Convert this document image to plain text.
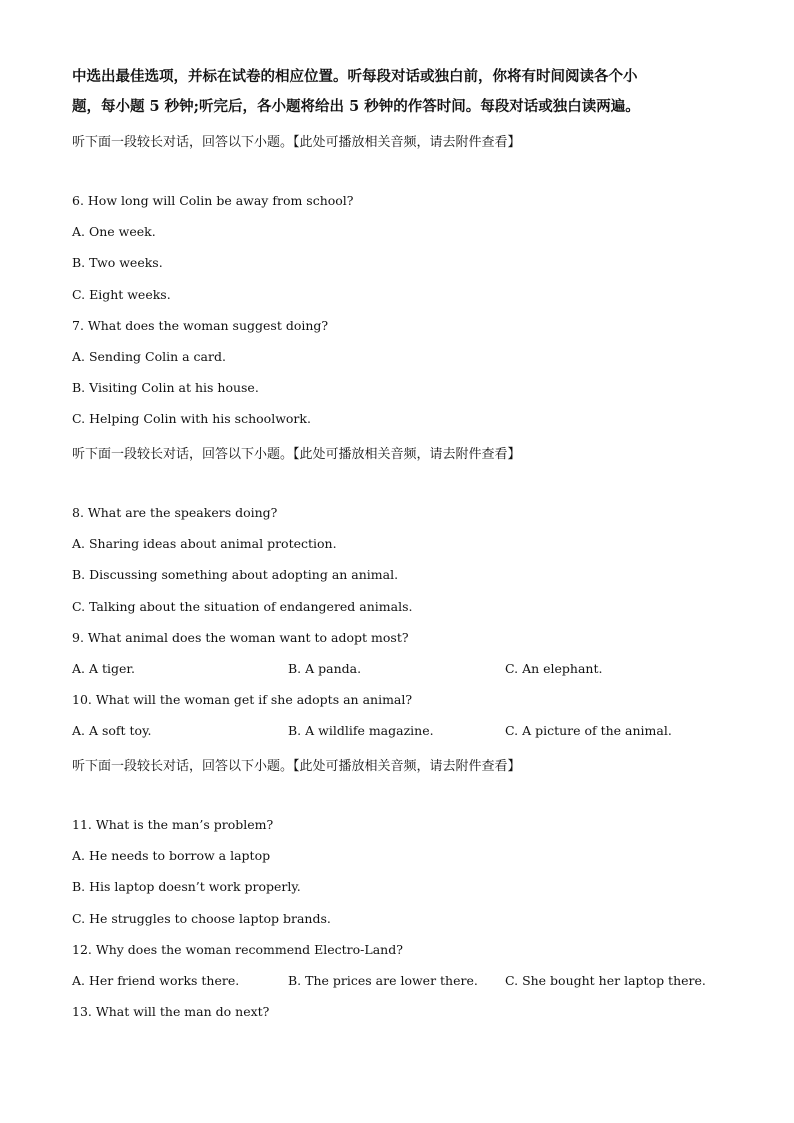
中选出最佳选项，并标在试卷的相应位置。听每段对话或独白前，你将有时间阅读各个小
题，每小题 5 秒钟;听完后，各小题将给出 5 秒钟的作答时间。每段对话或独白读两遍。
听下面一段较长对话，回答以下小题。【此处可播放相关音频，请去附件查看】
6. How long will Colin be away from school?
A. One week.
B. Two weeks.
C. Eight weeks.
7. What does the woman suggest doing?
A. Sending Colin a card.
B. Visiting Colin at his house.
C. Helping Colin with his schoolwork.
听下面一段较长对话，回答以下小题。【此处可播放相关音频，请去附件查看】
8. What are the speakers doing?
A. Sharing ideas about animal protection.
B. Discussing something about adopting an animal.
C. Talking about the situation of endangered animals.
9. What animal does the woman want to adopt most?
A. A tiger.	B. A panda.	C. An elephant.
10. What will the woman get if she adopts an animal?
A. A soft toy.	B. A wildlife magazine.	C. A picture of the animal.
听下面一段较长对话，回答以下小题。【此处可播放相关音频，请去附件查看】
11. What is the man’s problem?
A. He needs to borrow a laptop
B. His laptop doesn’t work properly.
C. He struggles to choose laptop brands.
12. Why does the woman recommend Electro-Land?
A. Her friend works there.	B. The prices are lower there. C. She bought her laptop there.
13. What will the man do next?
